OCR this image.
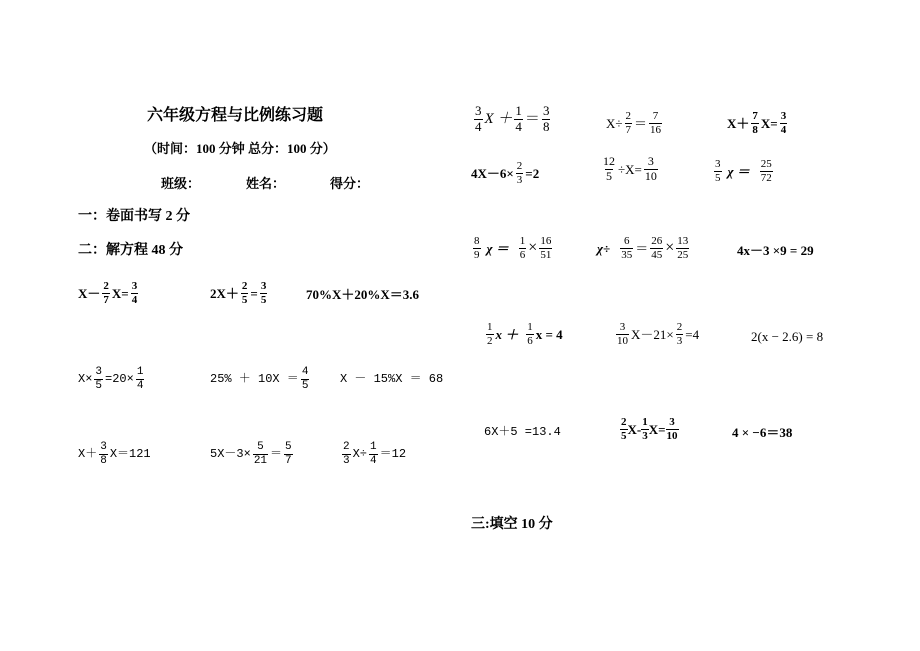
六年级方程与比例练习题
（时间：100 分钟 总分：100 分）
班级：	姓名：	得分：
一：卷面书写 2 分
二：解方程 48 分
$X- \frac{2}{7} X= \frac{3}{4}$	$2X+ \frac{2}{5} = \frac{3}{5}$	70%X＋20%X＝3.6
$X\times \frac{3}{5} =20\times \frac{1}{4}$	$25\% + 10X = \frac{4}{5}$	X － 15%X ＝ 68
$X+ \frac{3}{8} X=121$	$5X-3\times \frac{5}{21} = \frac{5}{7}$	$\frac{2}{3} X\div \frac{1}{4} =12$
$\frac{3}{4}$ $X + \frac{1}{4} = \frac{3}{8}$	$X\div \frac{2}{7} = \frac{7}{16}$	$X+ \frac{7}{8} X= \frac{3}{4}$
$4X-6\times \frac{2}{3} =2$	$\frac{12}{5} \div X= \frac{3}{10}$	$\frac{3}{5}$ $\chi = \frac{25}{72}$
$\frac{8}{9}$ $\chi = \frac{1}{6} \times \frac{16}{51}$	$\chi\div \frac{6}{35} = \frac{26}{45} \times \frac{13}{25}$	4x－3 ×9 = 29
$\frac{1}{2}$ $x + \frac{1}{6}$ x = 4	$\frac{3}{10} X-21\times \frac{2}{3} =4$	2(x − 2.6) = 8
6X＋5 =13.4	$\frac{2}{5} X- \frac{1}{3} X= \frac{3}{10}$	4 × −6＝38
三:填空 10 分
